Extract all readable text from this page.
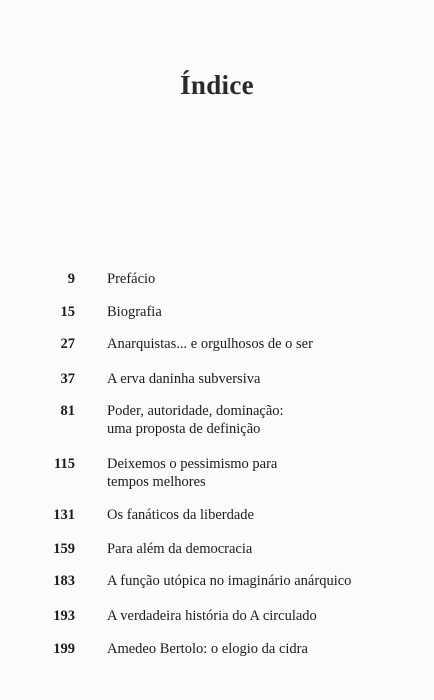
Índice
9 Prefácio
15 Biografia
27 Anarquistas... e orgulhosos de o ser
37 A erva daninha subversiva
81 Poder, autoridade, dominação:
uma proposta de definição
115 Deixemos o pessimismo para
tempos melhores
131 Os fanáticos da liberdade
159 Para além da democracia
183 A função utópica no imaginário anárquico
193 A verdadeira história do A circulado
199 Amedeo Bertolo: o elogio da cidra
